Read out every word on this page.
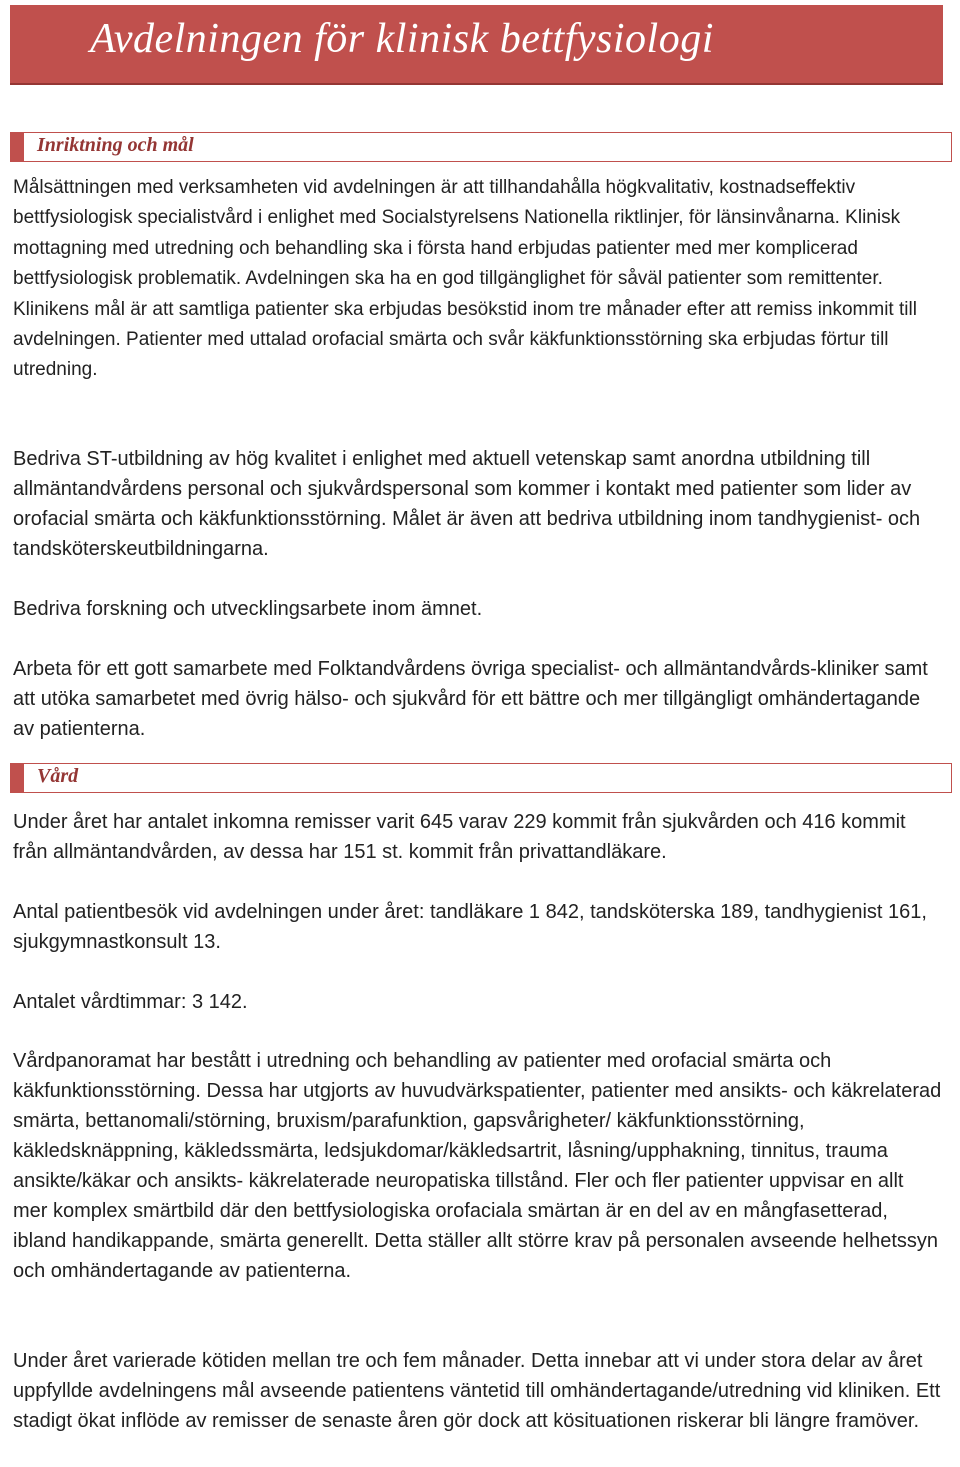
Avdelningen för klinisk bettfysiologi
Inriktning och mål

Målsättningen med verksamheten vid avdelningen är att tillhandahålla högkvalitativ, kostnadseffektiv bettfysiologisk specialistvård i enlighet med Socialstyrelsens Nationella riktlinjer, för länsinvånarna. Klinisk mottagning med utredning och behandling ska i första hand erbjudas patienter med mer komplicerad bettfysiologisk problematik. Avdelningen ska ha en god tillgänglighet för såväl patienter som remittenter. Klinikens mål är att samtliga patienter ska erbjudas besökstid inom tre månader efter att remiss inkommit till avdelningen. Patienter med uttalad orofacial smärta och svår käkfunktionsstörning ska erbjudas förtur till utredning.

Bedriva ST-utbildning av hög kvalitet i enlighet med aktuell vetenskap samt anordna utbildning till allmäntandvårdens personal och sjukvårdspersonal som kommer i kontakt med patienter som lider av orofacial smärta och käkfunktionsstörning. Målet är även att bedriva utbildning inom tandhygienist- och tandsköterskeutbildningarna.

Bedriva forskning och utvecklingsarbete inom ämnet.

Arbeta för ett gott samarbete med Folktandvårdens övriga specialist- och allmäntandvårds-kliniker samt att utöka samarbetet med övrig hälso- och sjukvård för ett bättre och mer tillgängligt omhändertagande av patienterna.

Vård

Under året har antalet inkomna remisser varit 645 varav 229 kommit från sjukvården och 416 kommit från allmäntandvården, av dessa har 151 st. kommit från privattandläkare.

Antal patientbesök vid avdelningen under året: tandläkare 1 842, tandsköterska 189, tandhygienist 161, sjukgymnastkonsult 13.

Antalet vårdtimmar: 3 142.

Vårdpanoramat har bestått i utredning och behandling av patienter med orofacial smärta och käkfunktionsstörning. Dessa har utgjorts av huvudvärkspatienter, patienter med ansikts- och käkrelaterad smärta, bettanomali/störning, bruxism/parafunktion, gapsvårigheter/ käkfunktionsstörning, käkledsknäppning, käkledssmärta, ledsjukdomar/käkledsartrit, låsning/upphakning, tinnitus, trauma ansikte/käkar och ansikts- käkrelaterade neuropatiska tillstånd. Fler och fler patienter uppvisar en allt mer komplex smärtbild där den bettfysiologiska orofaciala smärtan är en del av en mångfasetterad, ibland handikappande, smärta generellt. Detta ställer allt större krav på personalen avseende helhetssyn och omhändertagande av patienterna.

Under året varierade kötiden mellan tre och fem månader. Detta innebar att vi under stora delar av året uppfyllde avdelningens mål avseende patientens väntetid till omhändertagande/utredning vid kliniken. Ett stadigt ökat inflöde av remisser de senaste åren gör dock att kösituationen riskerar bli längre framöver.
